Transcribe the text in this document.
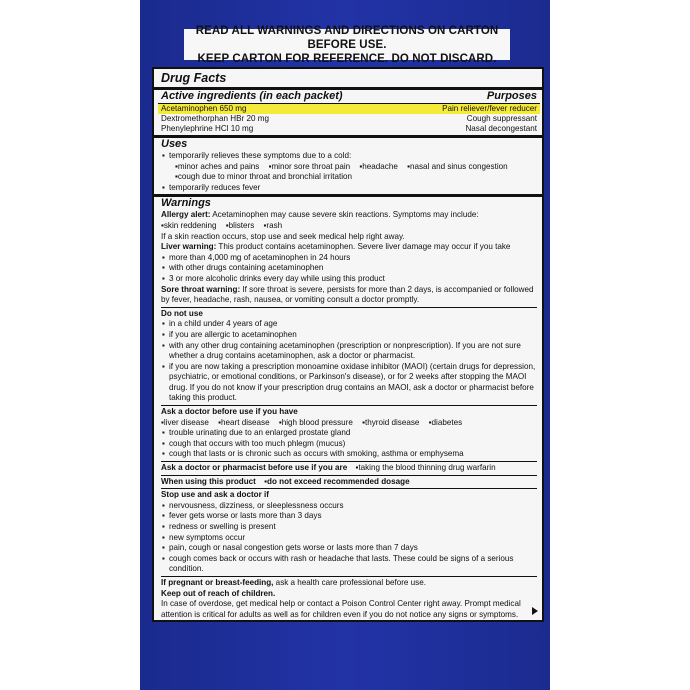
READ ALL WARNINGS AND DIRECTIONS ON CARTON BEFORE USE.
KEEP CARTON FOR REFERENCE. DO NOT DISCARD.
Drug Facts
Active ingredients (in each packet)	Purposes
Acetaminophen 650 mg	Pain reliever/fever reducer
Dextromethorphan HBr 20 mg	Cough suppressant
Phenylephrine HCl 10 mg	Nasal decongestant
Uses
▪ temporarily relieves these symptoms due to a cold:
▪ minor aches and pains ▪ minor sore throat pain ▪ headache ▪ nasal and sinus congestion
▪ cough due to minor throat and bronchial irritation
▪ temporarily reduces fever
Warnings
Allergy alert: Acetaminophen may cause severe skin reactions. Symptoms may include:
▪ skin reddening ▪ blisters ▪ rash
If a skin reaction occurs, stop use and seek medical help right away.
Liver warning: This product contains acetaminophen. Severe liver damage may occur if you take
▪ more than 4,000 mg of acetaminophen in 24 hours
▪ with other drugs containing acetaminophen
▪ 3 or more alcoholic drinks every day while using this product
Sore throat warning: If sore throat is severe, persists for more than 2 days, is accompanied or followed by fever, headache, rash, nausea, or vomiting consult a doctor promptly.
Do not use
▪ in a child under 4 years of age
▪ if you are allergic to acetaminophen
▪ with any other drug containing acetaminophen (prescription or nonprescription). If you are not sure whether a drug contains acetaminophen, ask a doctor or pharmacist.
▪ if you are now taking a prescription monoamine oxidase inhibitor (MAOI) (certain drugs for depression, psychiatric, or emotional conditions, or Parkinson's disease), or for 2 weeks after stopping the MAOI drug. If you do not know if your prescription drug contains an MAOI, ask a doctor or pharmacist before taking this product.
Ask a doctor before use if you have
▪ liver disease ▪ heart disease ▪ high blood pressure ▪ thyroid disease ▪ diabetes
▪ trouble urinating due to an enlarged prostate gland
▪ cough that occurs with too much phlegm (mucus)
▪ cough that lasts or is chronic such as occurs with smoking, asthma or emphysema
Ask a doctor or pharmacist before use if you are ▪ taking the blood thinning drug warfarin
When using this product ▪ do not exceed recommended dosage
Stop use and ask a doctor if
▪ nervousness, dizziness, or sleeplessness occurs
▪ fever gets worse or lasts more than 3 days
▪ redness or swelling is present
▪ new symptoms occur
▪ pain, cough or nasal congestion gets worse or lasts more than 7 days
▪ cough comes back or occurs with rash or headache that lasts. These could be signs of a serious condition.
If pregnant or breast-feeding, ask a health care professional before use.
Keep out of reach of children.
In case of overdose, get medical help or contact a Poison Control Center right away. Prompt medical attention is critical for adults as well as for children even if you do not notice any signs or symptoms.
